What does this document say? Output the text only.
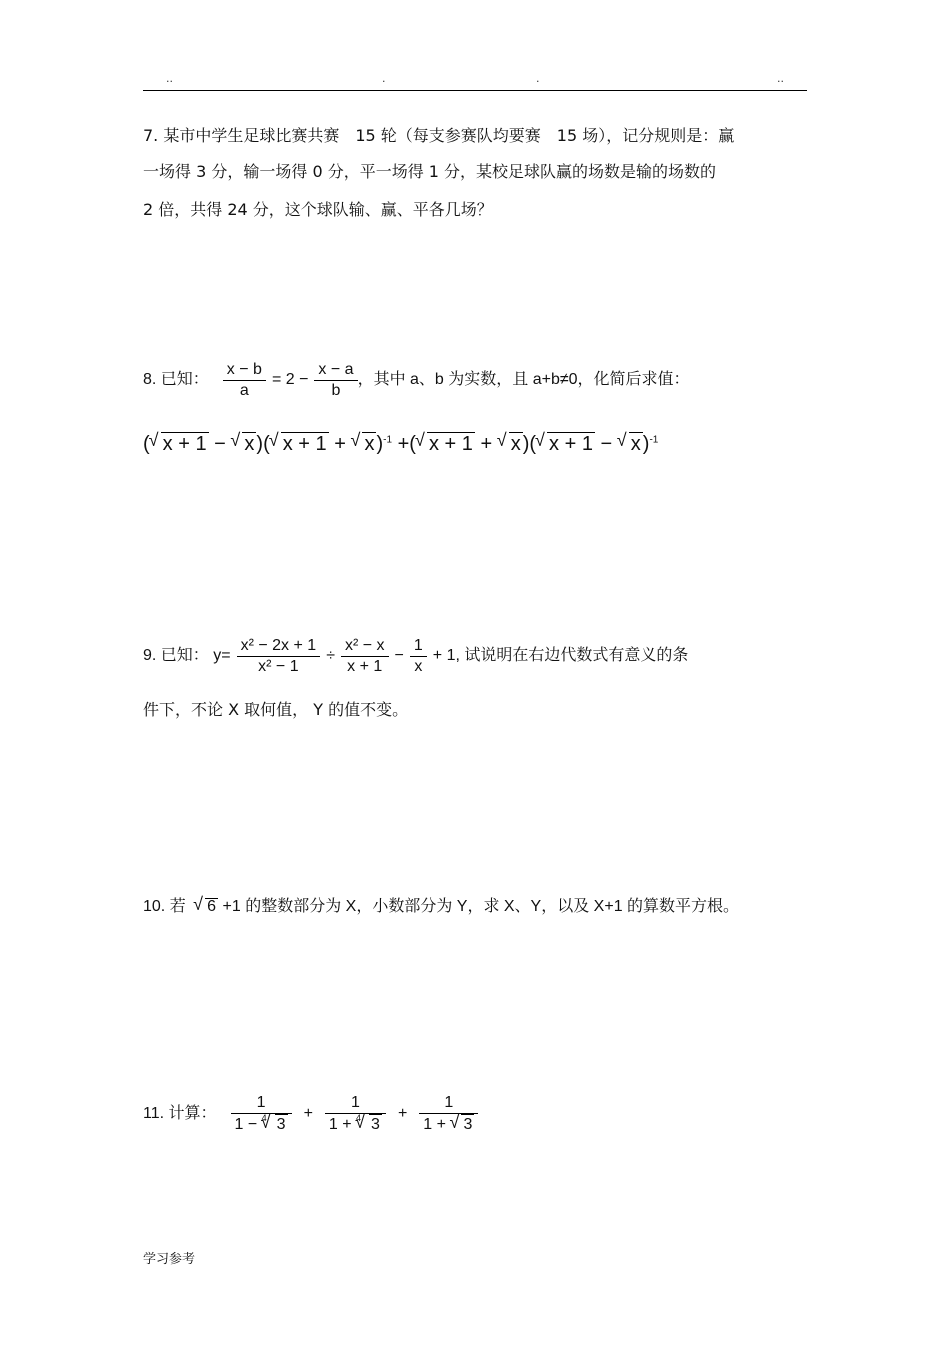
..	.	.	..
7. 某市中学生足球比赛共赛　15 轮（每支参赛队均要赛　15 场），记分规则是：赢
一场得 3 分，输一场得 0 分，平一场得 1 分，某校足球队赢的场数是输的场数的
2 倍，共得 24 分，这个球队输、赢、平各几场？
8. 已知： $\frac{x - b}{a} = 2 - \frac{x - a}{b}$ ，其中 a、b 为实数，且 a+b≠0，化简后求值：
(√ x + 1 − √ x )(√ x + 1 + √ x )$^{-1}$ +(√ x + 1 + √ x )(√ x + 1 − √ x )$^{-1}$
9. 已知： $y= \frac{\text{x² − 2x + 1}}{\text{x² − 1}} \div \frac{\text{x² − x}}{x + 1} - \frac{1}{x} + 1$ , 试说明在右边代数式有意义的条
件下，不论 X 取何值， Y 的值不变。
10. 若 √ 6 +1 的整数部分为 X，小数部分为 Y，求 X、Y，以及 X+1 的算数平方根。
11. 计算： 1
1 −
√ 4 3 + 1
1 +
√ 4 $3 + \frac{1}{1 + √ 3}$
学习参考
